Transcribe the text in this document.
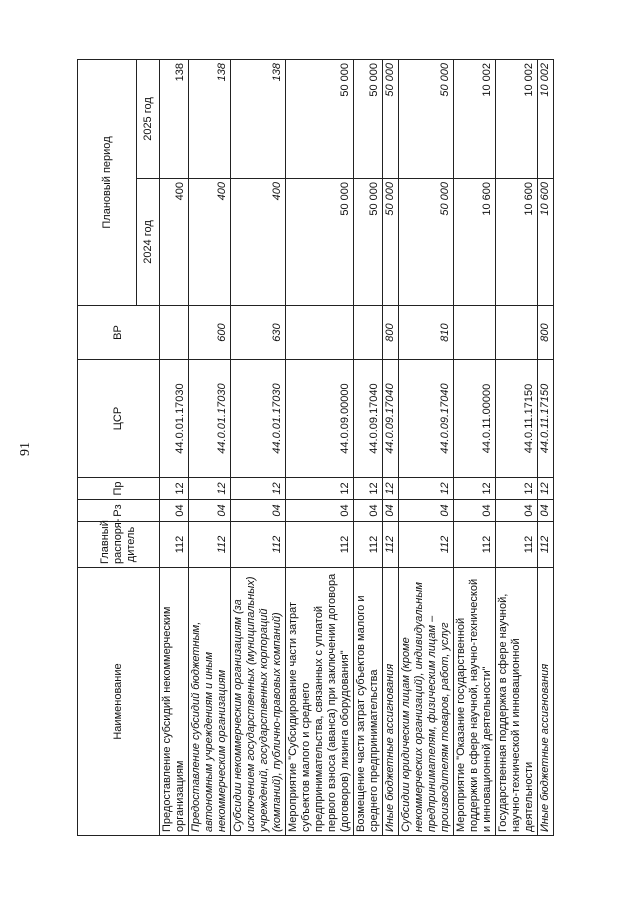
91
Наименование	Главный распоря-дитель	Рз	Пр	ЦСР	ВР	Плановый период	
						2024 год	2025 год
Предоставление субсидий некоммерческим организациям	112	04	12	44.0.01.17030		400	138
Предоставление субсидий бюджетным, автономным учреждениям и иным некоммерческим организациям	112	04	12	44.0.01.17030	600	400	138
Субсидии некоммерческим организациям (за исключением государственных (муниципальных) учреждений, государственных корпораций (компаний), публично-правовых компаний)	112	04	12	44.0.01.17030	630	400	138
Мероприятие "Субсидирование части затрат субъектов малого и среднего предпринимательства, связанных с уплатой первого взноса (аванса) при заключении договора (договоров) лизинга оборудования"	112	04	12	44.0.09.00000		50 000	50 000
Возмещение части затрат субъектов малого и среднего предпринимательства	112	04	12	44.0.09.17040		50 000	50 000
Иные бюджетные ассигнования	112	04	12	44.0.09.17040	800	50 000	50 000
Субсидии юридическим лицам (кроме некоммерческих организаций), индивидуальным предпринимателям, физическим лицам – производителям товаров, работ, услуг	112	04	12	44.0.09.17040	810	50 000	50 000
Мероприятие "Оказание государственной поддержки в сфере научной, научно-технической и инновационной деятельности"	112	04	12	44.0.11.00000		10 600	10 002
Государственная поддержка в сфере научной, научно-технической и инновационной деятельности	112	04	12	44.0.11.17150		10 600	10 002
Иные бюджетные ассигнования	112	04	12	44.0.11.17150	800	10 600	10 002
